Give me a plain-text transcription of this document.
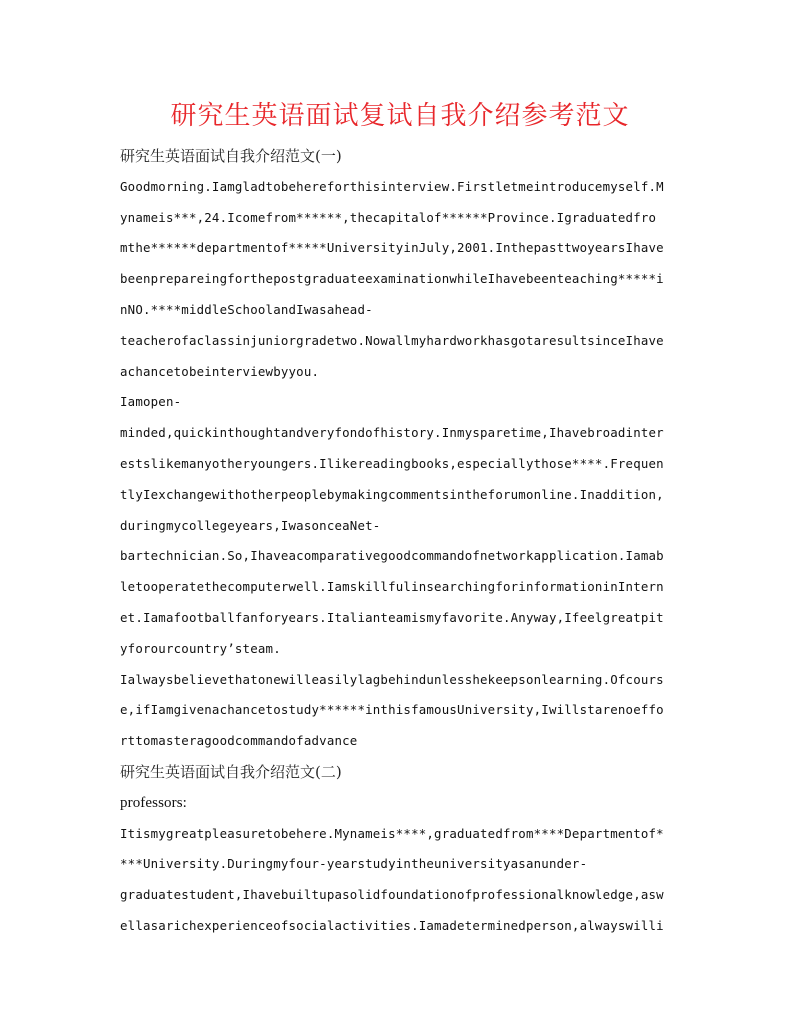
研究生英语面试复试自我介绍参考范文
研究生英语面试自我介绍范文(一)
Goodmorning.Iamgladtobehereforthisinterview.Firstletmeintroducemyself.M
ynameis***,24.Icomefrom******,thecapitalof******Province.Igraduatedfro
mthe******departmentof*****UniversityinJuly,2001.InthepasttwoyearsIhave
beenprepareingforthepostgraduateexaminationwhileIhavebeenteaching*****i
nNO.****middleSchoolandIwasahead-
teacherofaclassinjuniorgradetwo.NowallmyhardworkhasgotaresultsinceIhave
achancetobeinterviewbyyou.
Iamopen-
minded,quickinthoughtandveryfondofhistory.Inmysparetime,Ihavebroadinter
estslikemanyotheryoungers.Ilikereadingbooks,especiallythose****.Frequen
tlyIexchangewithotherpeoplebymakingcommentsintheforumonline.Inaddition,
duringmycollegeyears,IwasonceaNet-
bartechnician.So,Ihaveacomparativegoodcommandofnetworkapplication.Iamab
letooperatethecomputerwell.IamskillfulinsearchingforinformationinIntern
et.Iamafootballfanforyears.Italianteamismyfavorite.Anyway,Ifeelgreatpit
yforourcountry’steam.
Ialwaysbelievethatonewilleasilylagbehindunlesshekeepsonlearning.Ofcours
e,ifIamgivenachancetostudy******inthisfamousUniversity,Iwillstarenoeffo
rttomasteragoodcommandofadvance
研究生英语面试自我介绍范文(二)
professors:
Itismygreatpleasuretobehere.Mynameis****,graduatedfrom****Departmentof*
***University.Duringmyfour-yearstudyintheuniversityasanunder-
graduatestudent,Ihavebuiltupasolidfoundationofprofessionalknowledge,asw
ellasarichexperienceofsocialactivities.Iamadeterminedperson,alwayswilli
